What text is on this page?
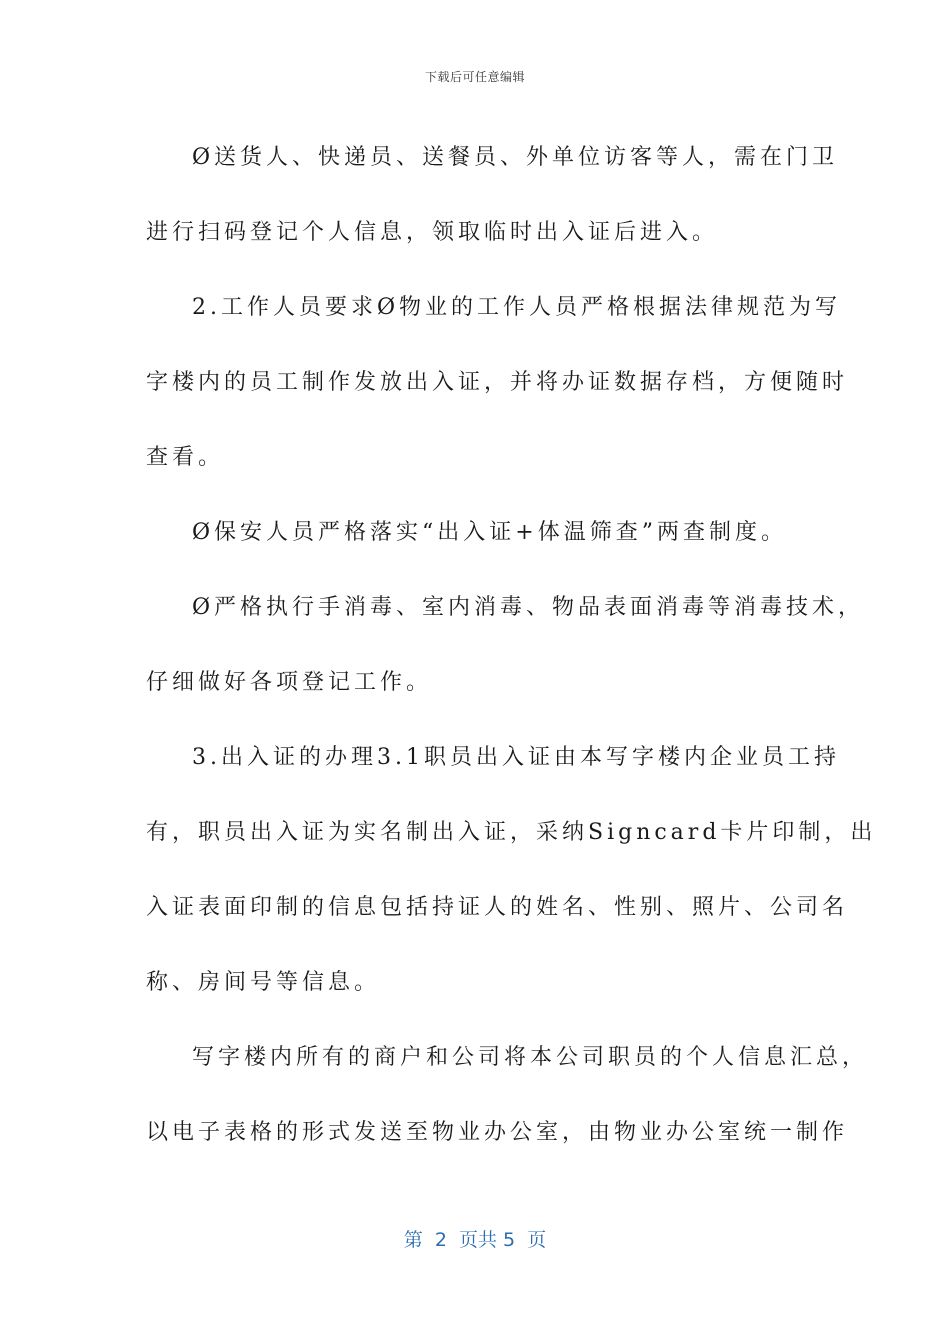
下载后可任意编辑
Ø送货人、快递员、送餐员、外单位访客等人，需在门卫
进行扫码登记个人信息，领取临时出入证后进入。
2.工作人员要求Ø物业的工作人员严格根据法律规范为写
字楼内的员工制作发放出入证，并将办证数据存档，方便随时
查看。
Ø保安人员严格落实“出入证+体温筛查”两查制度。
Ø严格执行手消毒、室内消毒、物品表面消毒等消毒技术，
仔细做好各项登记工作。
3.出入证的办理3.1职员出入证由本写字楼内企业员工持
有，职员出入证为实名制出入证，采纳Signcard卡片印制，出
入证表面印制的信息包括持证人的姓名、性别、照片、公司名
称、房间号等信息。
写字楼内所有的商户和公司将本公司职员的个人信息汇总，
以电子表格的形式发送至物业办公室，由物业办公室统一制作
第  2  页共 5  页
